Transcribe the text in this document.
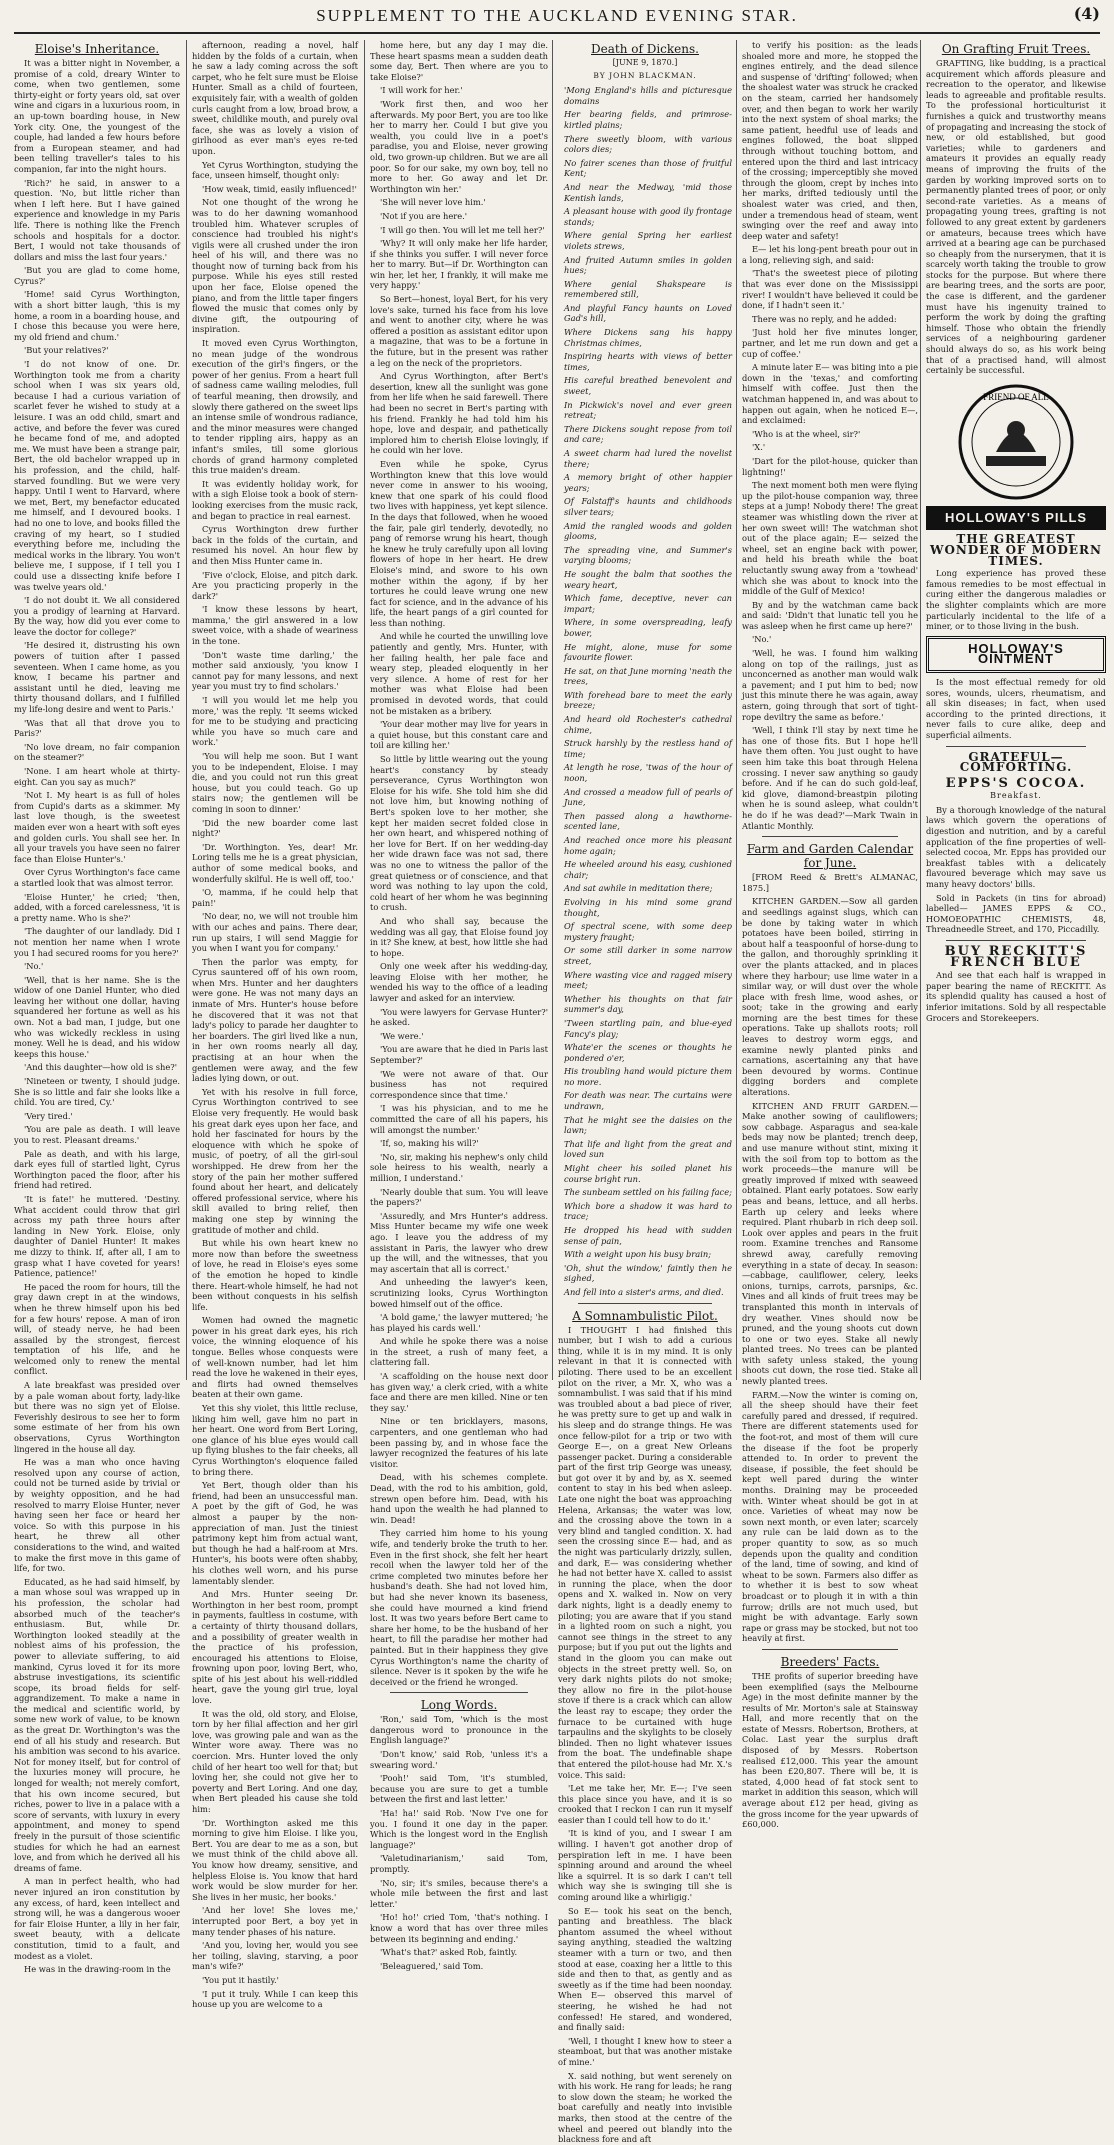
SUPPLEMENT TO THE AUCKLAND EVENING STAR.	(4)
Eloise's Inheritance.

It was a bitter night in November, a promise of a cold, dreary Winter to come, when two gentlemen, some thirty-eight or forty years old, sat over wine and cigars in a luxurious room, in an up-town boarding house, in New York city. One, the youngest of the couple, had landed a few hours before from a European steamer, and had been telling traveller's tales to his companion, far into the night hours.

'Rich?' he said, in answer to a question. 'No, but little richer than when I left here. But I have gained experience and knowledge in my Paris life. There is nothing like the French schools and hospitals for a doctor. Bert, I would not take thousands of dollars and miss the last four years.'

'But you are glad to come home, Cyrus?'

'Home! said Cyrus Worthington, with a short bitter laugh, 'this is my home, a room in a boarding house, and I chose this because you were here, my old friend and chum.'

'But your relatives?'

'I do not know of one. Dr. Worthington took me from a charity school when I was six years old, because I had a curious variation of scarlet fever he wished to study at a leisure. I was an odd child, smart and active, and before the fever was cured he became fond of me, and adopted me. We must have been a strange pair, Bert, the old bachelor wrapped up in his profession, and the child, half-starved foundling. But we were very happy. Until I went to Harvard, where we met, Bert, my benefactor educated me himself, and I devoured books. I had no one to love, and books filled the craving of my heart, so I studied everything before me, including the medical works in the library. You won't believe me, I suppose, if I tell you I could use a dissecting knife before I was twelve years old.'

'I do not doubt it. We all considered you a prodigy of learning at Harvard. By the way, how did you ever come to leave the doctor for college?'

'He desired it, distrusting his own powers of tuition after I passed seventeen. When I came home, as you know, I became his partner and assistant until he died, leaving me thirty thousand dollars, and I fulfilled my life-long desire and went to Paris.'

'Was that all that drove you to Paris?'

'No love dream, no fair companion on the steamer?'

'None. I am heart whole at thirty-eight. Can you say as much?'

'Not I. My heart is as full of holes from Cupid's darts as a skimmer. My last love though, is the sweetest maiden ever won a heart with soft eyes and golden curls. You shall see her. In all your travels you have seen no fairer face than Eloise Hunter's.'

Over Cyrus Worthington's face came a startled look that was almost terror.

'Eloise Hunter,' he cried; 'then, added, with a forced carelessness, 'it is a pretty name. Who is she?'

'The daughter of our landlady. Did I not mention her name when I wrote you I had secured rooms for you here?'

'No.'

'Well, that is her name. She is the widow of one Daniel Hunter, who died leaving her without one dollar, having squandered her fortune as well as his own. Not a bad man, I judge, but one who was wickedly reckless in using money. Well he is dead, and his widow keeps this house.'

'And this daughter—how old is she?'

'Nineteen or twenty, I should judge. She is so little and fair she looks like a child. You are tired, Cy.'

'Very tired.'

'You are pale as death. I will leave you to rest. Pleasant dreams.'

Pale as death, and with his large, dark eyes full of startled light, Cyrus Worthington paced the floor, after his friend had retired.

'It is fate!' he muttered. 'Destiny. What accident could throw that girl across my path three hours after landing in New York. Eloise, only daughter of Daniel Hunter! It makes me dizzy to think. If, after all, I am to grasp what I have coveted for years! Patience, patience!'

He paced the room for hours, till the gray dawn crept in at the windows, when he threw himself upon his bed for a few hours' repose. A man of iron will, of steady nerve, he had been assailed by the strongest, fiercest temptation of his life, and he welcomed only to renew the mental conflict.

A late breakfast was presided over by a pale woman about forty, lady-like but there was no sign yet of Eloise. Feverishly desirous to see her to form some estimate of her from his own observations, Cyrus Worthington lingered in the house all day.

He was a man who once having resolved upon any course of action, could not be turned aside by trivial or by weighty opposition, and he had resolved to marry Eloise Hunter, never having seen her face or heard her voice. So with this purpose in his heart, he threw all other considerations to the wind, and waited to make the first move in this game of life, for two.

Educated, as he had said himself, by a man whose soul was wrapped up in his profession, the scholar had absorbed much of the teacher's enthusiasm. But, while Dr. Worthington looked steadily at the noblest aims of his profession, the power to alleviate suffering, to aid mankind, Cyrus loved it for its more abstruse investigations, its scientific scope, its broad fields for self-aggrandizement. To make a name in the medical and scientific world, by some new work of value, to be known as the great Dr. Worthington's was the end of all his study and research. But his ambition was second to his avarice. Not for money itself, but for control of the luxuries money will procure, he longed for wealth; not merely comfort, that his own income secured, but riches, power to live in a palace with a score of servants, with luxury in every appointment, and money to spend freely in the pursuit of those scientific studies for which he had an earnest love, and from which he derived all his dreams of fame.

A man in perfect health, who had never injured an iron constitution by any excess, of hard, keen intellect and strong will, he was a dangerous wooer for fair Eloise Hunter, a lily in her fair, sweet beauty, with a delicate constitution, timid to a fault, and modest as a violet.

He was in the drawing-room in the

afternoon, reading a novel, half hidden by the folds of a curtain, when he saw a lady coming across the soft carpet, who he felt sure must be Eloise Hunter. Small as a child of fourteen, exquisitely fair, with a wealth of golden curls caught from a low, broad brow, a sweet, childlike mouth, and purely oval face, she was as lovely a vision of girlhood as ever man's eyes re-ted upon.

Yet Cyrus Worthington, studying the face, unseen himself, thought only:

'How weak, timid, easily influenced!'

Not one thought of the wrong he was to do her dawning womanhood troubled him. Whatever scruples of conscience had troubled his night's vigils were all crushed under the iron heel of his will, and there was no thought now of turning back from his purpose. While his eyes still rested upon her face, Eloise opened the piano, and from the little taper fingers flowed the music that comes only by divine gift, the outpouring of inspiration.

It moved even Cyrus Worthington, no mean judge of the wondrous execution of the girl's fingers, or the power of her genius. From a heart full of sadness came wailing melodies, full of tearful meaning, then drowsily, and slowly there gathered on the sweet lips an intense smile of wondrous radiance, and the minor measures were changed to tender rippling airs, happy as an infant's smiles, till some glorious chords of grand harmony completed this true maiden's dream.

It was evidently holiday work, for with a sigh Eloise took a book of stern-looking exercises from the music rack, and began to practice in real earnest.

Cyrus Worthington drew further back in the folds of the curtain, and resumed his novel. An hour flew by and then Miss Hunter came in.

'Five o'clock, Eloise, and pitch dark. Are you practicing properly in the dark?'

'I know these lessons by heart, mamma,' the girl answered in a low sweet voice, with a shade of weariness in the tone.

'Don't waste time darling,' the mother said anxiously, 'you know I cannot pay for many lessons, and next year you must try to find scholars.'

'I will you would let me help you more,' was the reply. 'It seems wicked for me to be studying and practicing while you have so much care and work.'

'You will help me soon. But I want you to be independent, Eloise. I may die, and you could not run this great house, but you could teach. Go up stairs now; the gentlemen will be coming in soon to dinner.'

'Did the new boarder come last night?'

'Dr. Worthington. Yes, dear! Mr. Loring tells me he is a great physician, author of some medical books, and wonderfully skilful. He is well off, too.'

'O, mamma, if he could help that pain!'

'No dear, no, we will not trouble him with our aches and pains. There dear, run up stairs, I will send Maggie for you when I want you for company.'

Then the parlor was empty, for Cyrus sauntered off of his own room, when Mrs. Hunter and her daughters were gone. He was not many days an inmate of Mrs. Hunter's house before he discovered that it was not that lady's policy to parade her daughter to her boarders. The girl lived like a nun, in her own rooms nearly all day, practising at an hour when the gentlemen were away, and the few ladies lying down, or out.

Yet with his resolve in full force, Cyrus Worthington contrived to see Eloise very frequently. He would bask his great dark eyes upon her face, and hold her fascinated for hours by the eloquence with which he spoke of music, of poetry, of all the girl-soul worshipped. He drew from her the story of the pain her mother suffered found about her heart, and delicately offered professional service, where his skill availed to bring relief, then making one step by winning the gratitude of mother and child.

But while his own heart knew no more now than before the sweetness of love, he read in Eloise's eyes some of the emotion he hoped to kindle there. Heart-whole himself, he had not been without conquests in his selfish life.

Women had owned the magnetic power in his great dark eyes, his rich voice, the winning eloquence of his tongue. Belles whose conquests were of well-known number, had let him read the love he wakened in their eyes, and flirts had owned themselves beaten at their own game.

Yet this shy violet, this little recluse, liking him well, gave him no part in her heart. One word from Bert Loring, one glance of his blue eyes would call up flying blushes to the fair cheeks, all Cyrus Worthington's eloquence failed to bring there.

Yet Bert, though older than his friend, had been an unsuccessful man. A poet by the gift of God, he was almost a pauper by the non-appreciation of man. Just the tiniest patrimony kept him from actual want, but though he had a half-room at Mrs. Hunter's, his boots were often shabby, his clothes well worn, and his purse lamentably slender.

And Mrs. Hunter seeing Dr. Worthington in her best room, prompt in payments, faultless in costume, with a certainty of thirty thousand dollars, and a possibility of greater wealth in the practice of his profession, encouraged his attentions to Eloise, frowning upon poor, loving Bert, who, spite of his jest about his well-riddled heart, gave the young girl true, loyal love.

It was the old, old story, and Eloise, torn by her filial affection and her girl love, was growing pale and wan as the Winter wore away. There was no coercion. Mrs. Hunter loved the only child of her heart too well for that; but loving her, she could not give her to poverty and Bert Loring. And one day, when Bert pleaded his cause she told him:

'Dr. Worthington asked me this morning to give him Eloise. I like you, Bert. You are dear to me as a son, but we must think of the child above all. You know how dreamy, sensitive, and helpless Eloise is. You know that hard work would be slow murder for her. She lives in her music, her books.'

'And her love! She loves me,' interrupted poor Bert, a boy yet in many tender phases of his nature.

'And you, loving her, would you see her toiling, slaving, starving, a poor man's wife?'

'You put it hastily.'

'I put it truly. While I can keep this house up you are welcome to a

home here, but any day I may die. These heart spasms mean a sudden death some day, Bert. Then where are you to take Eloise?'

'I will work for her.'

'Work first then, and woo her afterwards. My poor Bert, you are too like her to marry her. Could I but give you wealth, you could live in a poet's paradise, you and Eloise, never growing old, two grown-up children. But we are all poor. So for our sake, my own boy, tell no more to her. Go away and let Dr. Worthington win her.'

'She will never love him.'

'Not if you are here.'

'I will go then. You will let me tell her?'

'Why? It will only make her life harder, if she thinks you suffer. I will never force her to marry. But—if Dr. Worthington can win her, let her, I frankly, it will make me very happy.'

So Bert—honest, loyal Bert, for his very love's sake, turned his face from his love and went to another city, where he was offered a position as assistant editor upon a magazine, that was to be a fortune in the future, but in the present was rather a leg on the neck of the proprietors.

And Cyrus Worthington, after Bert's desertion, knew all the sunlight was gone from her life when he said farewell. There had been no secret in Bert's parting with his friend. Frankly he had told him his hope, love and despair, and pathetically implored him to cherish Eloise lovingly, if he could win her love.

Even while he spoke, Cyrus Worthington knew that this love would never come in answer to his wooing, knew that one spark of his could flood two lives with happiness, yet kept silence. In the days that followed, when he wooed the fair, pale girl tenderly, devotedly, no pang of remorse wrung his heart, though he knew he truly carefully upon all loving flowers of hope in her heart. He drew Eloise's mind, and swore to his own mother within the agony, if by her tortures he could leave wrung one new fact for science, and in the advance of his life, the heart pangs of a girl counted for less than nothing.

And while he courted the unwilling love patiently and gently, Mrs. Hunter, with her failing health, her pale face and weary step, pleaded eloquently in her very silence. A home of rest for her mother was what Eloise had been promised in devoted words, that could not be mistaken as a bribery.

'Your dear mother may live for years in a quiet house, but this constant care and toil are killing her.'

So little by little wearing out the young heart's constancy by steady perseverance, Cyrus Worthington won Eloise for his wife. She told him she did not love him, but knowing nothing of Bert's spoken love to her mother, she kept her maiden secret folded close in her own heart, and whispered nothing of her love for Bert. If on her wedding-day her wide drawn face was not sad, there was no one to witness the pallor of the great quietness or of conscience, and that word was nothing to lay upon the cold, cold heart of her whom he was beginning to crush.

And who shall say, because the wedding was all gay, that Eloise found joy in it? She knew, at best, how little she had to hope.

Only one week after his wedding-day, leaving Eloise with her mother, he wended his way to the office of a leading lawyer and asked for an interview.

'You were lawyers for Gervase Hunter?' he asked.

'We were.'

'You are aware that he died in Paris last September?'

'We were not aware of that. Our business has not required correspondence since that time.'

'I was his physician, and to me he committed the care of all his papers, his will amongst the number.'

'If, so, making his will?'

'No, sir, making his nephew's only child sole heiress to his wealth, nearly a million, I understand.'

'Nearly double that sum. You will leave the papers?'

'Assuredly, and Mrs Hunter's address. Miss Hunter became my wife one week ago. I leave you the address of my assistant in Paris, the lawyer who drew up the will, and the witnesses, that you may ascertain that all is correct.'

And unheeding the lawyer's keen, scrutinizing looks, Cyrus Worthington bowed himself out of the office.

'A bold game,' the lawyer muttered; 'he has played his cards well.'

And while he spoke there was a noise in the street, a rush of many feet, a clattering fall.

'A scaffolding on the house next door has given way,' a clerk cried, with a white face and there are men killed. Nine or ten they say.'

Nine or ten bricklayers, masons, carpenters, and one gentleman who had been passing by, and in whose face the lawyer recognized the features of his late visitor.

Dead, with his schemes complete. Dead, with the rod to his ambition, gold, strewn open before him. Dead, with his hand upon the wealth he had planned to win. Dead!

They carried him home to his young wife, and tenderly broke the truth to her. Even in the first shock, she felt her heart recoil when the lawyer told her of the crime completed two minutes before her husband's death. She had not loved him, but had she never known its baseness, she could have mourned a kind friend lost. It was two years before Bert came to share her home, to be the husband of her heart, to fill the paradise her mother had painted. But in their happiness they give Cyrus Worthington's name the charity of silence. Never is it spoken by the wife he deceived or the friend he wronged.

Long Words.

'Ron,' said Tom, 'which is the most dangerous word to pronounce in the English language?'

'Don't know,' said Rob, 'unless it's a swearing word.'

'Pooh!' said Tom, 'it's stumbled, because you are sure to get a tumble between the first and last letter.'

'Ha! ha!' said Rob. 'Now I've one for you. I found it one day in the paper. Which is the longest word in the English language?'

'Valetudinarianism,' said Tom, promptly.

'No, sir; it's smiles, because there's a whole mile between the first and last letter.'

'Ho! ho!' cried Tom, 'that's nothing. I know a word that has over three miles between its beginning and ending.'

'What's that?' asked Rob, faintly.

'Beleaguered,' said Tom.

Death of Dickens.
[JUNE 9, 1870.]
BY JOHN BLACKMAN.

'Mong England's hills and picturesque domains

Her bearing fields, and primrose-kirtled plains;

There sweetly bloom, with various colors dies;

No fairer scenes than those of fruitful Kent;

And near the Medway, 'mid those Kentish lands,

A pleasant house with good ily frontage stands;

Where genial Spring her earliest violets strews,

And fruited Autumn smiles in golden hues;

Where genial Shakspeare is remembered still,

And playful Fancy haunts on Loved Gad's hill,

Where Dickens sang his happy Christmas chimes,

Inspiring hearts with views of better times,

His careful breathed benevolent and sweet,

In Pickwick's novel and ever green retreat;

There Dickens sought repose from toil and care;

A sweet charm had lured the novelist there;

A memory bright of other happier years;

Of Falstaff's haunts and childhoods silver tears;

Amid the rangled woods and golden glooms,

The spreading vine, and Summer's varying blooms;

He sought the balm that soothes the weary heart,

Which fame, deceptive, never can impart;

Where, in some overspreading, leafy bower,

He might, alone, muse for some favourite flower.

He sat, on that June morning 'neath the trees,

With forehead bare to meet the early breeze;

And heard old Rochester's cathedral chime,

Struck harshly by the restless hand of time;

At length he rose, 'twas of the hour of noon,

And crossed a meadow full of pearls of June,

Then passed along a hawthorne-scented lane,

And reached once more his pleasant home again;

He wheeled around his easy, cushioned chair;

And sat awhile in meditation there;

Evolving in his mind some grand thought,

Of spectral scene, with some deep mystery fraught;

Or some still darker in some narrow street,

Where wasting vice and ragged misery meet;

Whether his thoughts on that fair summer's day,

'Tween startling pain, and blue-eyed Fancy's play;

Whate'er the scenes or thoughts he pondered o'er,

His troubling hand would picture them no more.

For death was near. The curtains were undrawn,

That he might see the daisies on the lawn;

That life and light from the great and loved sun

Might cheer his soiled planet his course bright run.

The sunbeam settled on his failing face;

Which bore a shadow it was hard to trace;

He dropped his head with sudden sense of pain,

With a weight upon his busy brain;

'Oh, shut the window,' faintly then he sighed,

And fell into a sister's arms, and died.

A Somnambulistic Pilot.

I THOUGHT I had finished this number, but I wish to add a curious thing, while it is in my mind. It is only relevant in that it is connected with piloting. There used to be an excellent pilot on the river, a Mr. X, who was a somnambulist. I was said that if his mind was troubled about a bad piece of river, he was pretty sure to get up and walk in his sleep and do strange things. He was once fellow-pilot for a trip or two with George E—, on a great New Orleans passenger packet. During a considerable part of the first trip George was uneasy, but got over it by and by, as X. seemed content to stay in his bed when asleep. Late one night the boat was approaching Helena, Arkansas; the water was low, and the crossing above the town in a very blind and tangled condition. X. had seen the crossing since E— had, and as the night was particularly drizzly, sullen, and dark, E— was considering whether he had not better have X. called to assist in running the place, when the door opens and X. walked in. Now on very dark nights, light is a deadly enemy to piloting; you are aware that if you stand in a lighted room on such a night, you cannot see things in the street to any purpose; but if you put out the lights and stand in the gloom you can make out objects in the street pretty well. So, on very dark nights pilots do not smoke; they allow no fire in the pilot-house stove if there is a crack which can allow the least ray to escape; they order the furnace to be curtained with huge tarpaulins and the skylights to be closely blinded. Then no light whatever issues from the boat. The undefinable shape that entered the pilot-house had Mr. X.'s voice. This said:

'Let me take her, Mr. E—; I've seen this place since you have, and it is so crooked that I reckon I can run it myself easier than I could tell how to do it.'

'It is kind of you, and I swear I am willing. I haven't got another drop of perspiration left in me. I have been spinning around and around the wheel like a squirrel. It is so dark I can't tell which way she is swinging till she is coming around like a whirligig.'

So E— took his seat on the bench, panting and breathless. The black phantom assumed the wheel without saying anything, steadied the waltzing steamer with a turn or two, and then stood at ease, coaxing her a little to this side and then to that, as gently and as sweetly as if the time had been noonday. When E— observed this marvel of steering, he wished he had not confessed! He stared, and wondered, and finally said:

'Well, I thought I knew how to steer a steamboat, but that was another mistake of mine.'

X. said nothing, but went serenely on with his work. He rang for leads; he rang to slow down the steam; he worked the boat carefully and neatly into invisible marks, then stood at the centre of the wheel and peered out blandly into the blackness fore and aft

to verify his position: as the leads shoaled more and more, he stopped the engines entirely, and the dead silence and suspense of 'drifting' followed; when the shoalest water was struck he cracked on the steam, carried her handsomely over, and then began to work her warily into the next system of shoal marks; the same patient, heedful use of leads and engines followed, the boat slipped through without touching bottom, and entered upon the third and last intricacy of the crossing; imperceptibly she moved through the gloom, crept by inches into her marks, drifted tediously until the shoalest water was cried, and then, under a tremendous head of steam, went swinging over the reef and away into deep water and safety!

E— let his long-pent breath pour out in a long, relieving sigh, and said:

'That's the sweetest piece of piloting that was ever done on the Mississippi river! I wouldn't have believed it could be done, if I hadn't seen it.'

There was no reply, and he added:

'Just hold her five minutes longer, partner, and let me run down and get a cup of coffee.'

A minute later E— was biting into a pie down in the 'texas,' and comforting himself with coffee. Just then the watchman happened in, and was about to happen out again, when he noticed E—, and exclaimed:

'Who is at the wheel, sir?'

'X.'

'Dart for the pilot-house, quicker than lightning!'

The next moment both men were flying up the pilot-house companion way, three steps at a jump! Nobody there! The great steamer was whistling down the river at her own sweet will! The watchman shot out of the place again; E— seized the wheel, set an engine back with power, and held his breath while the boat reluctantly swung away from a 'towhead' which she was about to knock into the middle of the Gulf of Mexico!

By and by the watchman came back and said: 'Didn't that lunatic tell you he was asleep when he first came up here?'

'No.'

'Well, he was. I found him walking along on top of the railings, just as unconcerned as another man would walk a pavement; and I put him to bed; now just this minute there he was again, away astern, going through that sort of tight-rope deviltry the same as before.'

'Well, I think I'll stay by next time he has one of those fits. But I hope he'll have them often. You just ought to have seen him take this boat through Helena crossing. I never saw anything so gaudy before. And if he can do such gold-leaf, kid glove, diamond-breastpin piloting when he is sound asleep, what couldn't he do if he was dead?'—Mark Twain in Atlantic Monthly.

Farm and Garden Calendar for June.

[FROM Reed & Brett's ALMANAC, 1875.]

KITCHEN GARDEN.—Sow all garden and seedlings against slugs, which can be done by taking water in which potatoes have been boiled, stirring in about half a teaspoonful of horse-dung to the gallon, and thoroughly sprinkling it over the plants attacked, and in places where they harbour; use lime water in a similar way, or will dust over the whole place with fresh lime, wood ashes, or soot; take in the growing and early morning are the best times for these operations. Take up shallots roots; roll leaves to destroy worm eggs, and examine newly planted pinks and carnations, ascertaining any that have been devoured by worms. Continue digging borders and complete alterations.

KITCHEN AND FRUIT GARDEN.—Make another sowing of cauliflowers; sow cabbage. Asparagus and sea-kale beds may now be planted; trench deep, and use manure without stint, mixing it with the soil from top to bottom as the work proceeds—the manure will be greatly improved if mixed with seaweed obtained. Plant early potatoes. Sow early peas and beans, lettuce, and all herbs. Earth up celery and leeks where required. Plant rhubarb in rich deep soil. Look over apples and pears in the fruit room. Examine trenches and Ransome shrewd away, carefully removing everything in a state of decay. In season:—cabbage, cauliflower, celery, leeks onions, turnips, carrots, parsnips, &c. Vines and all kinds of fruit trees may be transplanted this month in intervals of dry weather. Vines should now be pruned, and the young shoots cut down to one or two eyes. Stake all newly planted trees. No trees can be planted with safety unless staked, the young shoots cut down, the rose tied. Stake all newly planted trees.

FARM.—Now the winter is coming on, all the sheep should have their feet carefully pared and dressed, if required. There are different statements used for the foot-rot, and most of them will cure the disease if the foot be properly attended to. In order to prevent the disease, if possible, the feet should be kept well pared during the winter months. Draining may be proceeded with. Winter wheat should be got in at once. Varieties of wheat may now be sown next month, or even later; scarcely any rule can be laid down as to the proper quantity to sow, as so much depends upon the quality and condition of the land, time of sowing, and kind of wheat to be sown. Farmers also differ as to whether it is best to sow wheat broadcast or to plough it in with a thin furrow; drills are not much used, but might be with advantage. Early sown rape or grass may be stocked, but not too heavily at first.

Breeders' Facts.

THE profits of superior breeding have been exemplified (says the Melbourne Age) in the most definite manner by the results of Mr. Morton's sale at Stainsway Hall, and more recently that on the estate of Messrs. Robertson, Brothers, at Colac. Last year the surplus draft disposed of by Messrs. Robertson realised £12,000. This year the amount has been £20,807. There will be, it is stated, 4,000 head of fat stock sent to market in addition this season, which will average about £12 per head, giving as the gross income for the year upwards of £60,000.

On Grafting Fruit Trees.

GRAFTING, like budding, is a practical acquirement which affords pleasure and recreation to the operator, and likewise leads to agreeable and profitable results. To the professional horticulturist it furnishes a quick and trustworthy means of propagating and increasing the stock of new, or old established, but good varieties; while to gardeners and amateurs it provides an equally ready means of improving the fruits of the garden by working improved sorts on to permanently planted trees of poor, or only second-rate varieties. As a means of propagating young trees, grafting is not followed to any great extent by gardeners or amateurs, because trees which have arrived at a bearing age can be purchased so cheaply from the nurserymen, that it is scarcely worth taking the trouble to grow stocks for the purpose. But where there are bearing trees, and the sorts are poor, the case is different, and the gardener must have his ingenuity trained to perform the work by doing the grafting himself. Those who obtain the friendly services of a neighbouring gardener should always do so, as his work being that of a practised hand, will almost certainly be successful.

FRIEND OF ALL
HOLLOWAY'S PILLS
THE GREATEST WONDER OF MODERN TIMES.

Long experience has proved these famous remedies to be most effectual in curing either the dangerous maladies or the slighter complaints which are more particularly incidental to the life of a miner, or to those living in the bush.

HOLLOWAY'S OINTMENT

Is the most effectual remedy for old sores, wounds, ulcers, rheumatism, and all skin diseases; in fact, when used according to the printed directions, it never fails to cure alike, deep and superficial ailments.

GRATEFUL—COMFORTING.
EPPS'S COCOA.
Breakfast.

By a thorough knowledge of the natural laws which govern the operations of digestion and nutrition, and by a careful application of the fine properties of well-selected cocoa, Mr. Epps has provided our breakfast tables with a delicately flavoured beverage which may save us many heavy doctors' bills.

Sold in Packets (in tins for abroad) labelled— JAMES EPPS & CO., HOMOEOPATHIC CHEMISTS, 48, Threadneedle Street, and 170, Piccadilly.

BUY RECKITT'S FRENCH BLUE

And see that each half is wrapped in paper bearing the name of RECKITT. As its splendid quality has caused a host of inferior imitations. Sold by all respectable Grocers and Storekeepers.
